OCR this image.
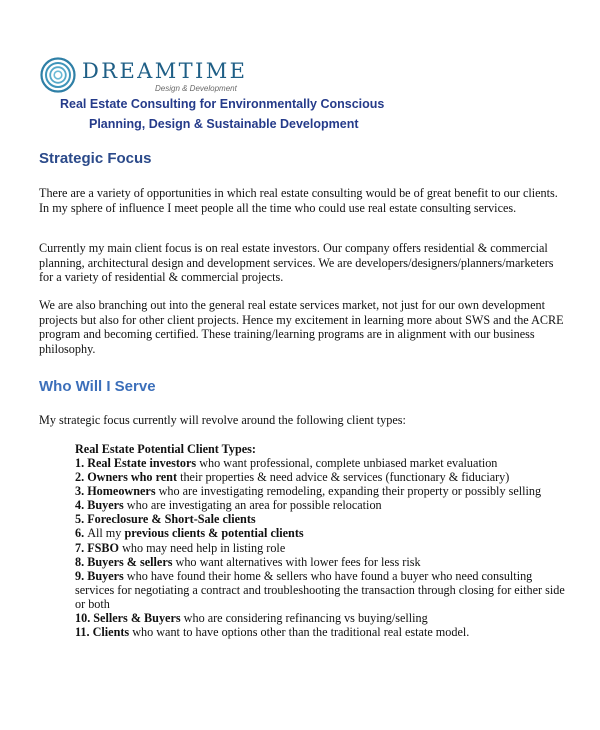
DREAMTIME
Design & Development
Real Estate Consulting for Environmentally Conscious
Planning, Design & Sustainable Development
Strategic Focus

There are a variety of opportunities in which real estate consulting would be of great benefit to our clients. In my sphere of influence I meet people all the time who could use real estate consulting services.

Currently my main client focus is on real estate investors. Our company offers residential & commercial planning, architectural design and development services. We are developers/designers/planners/marketers for a variety of residential & commercial projects.

We are also branching out into the general real estate services market, not just for our own development projects but also for other client projects. Hence my excitement in learning more about SWS and the ACRE program and becoming certified. These training/learning programs are in alignment with our business philosophy.

Who Will I Serve

My strategic focus currently will revolve around the following client types:

Real Estate Potential Client Types:
1. Real Estate investors who want professional, complete unbiased market evaluation
2. Owners who rent their properties & need advice & services (functionary & fiduciary)
3. Homeowners who are investigating remodeling, expanding their property or possibly selling
4. Buyers who are investigating an area for possible relocation
5. Foreclosure & Short-Sale clients
6. All my previous clients & potential clients
7. FSBO who may need help in listing role
8. Buyers & sellers who want alternatives with lower fees for less risk
9. Buyers who have found their home & sellers who have found a buyer who need consulting services for negotiating a contract and troubleshooting the transaction through closing for either side or both
10. Sellers & Buyers who are considering refinancing vs buying/selling
11. Clients who want to have options other than the traditional real estate model.
